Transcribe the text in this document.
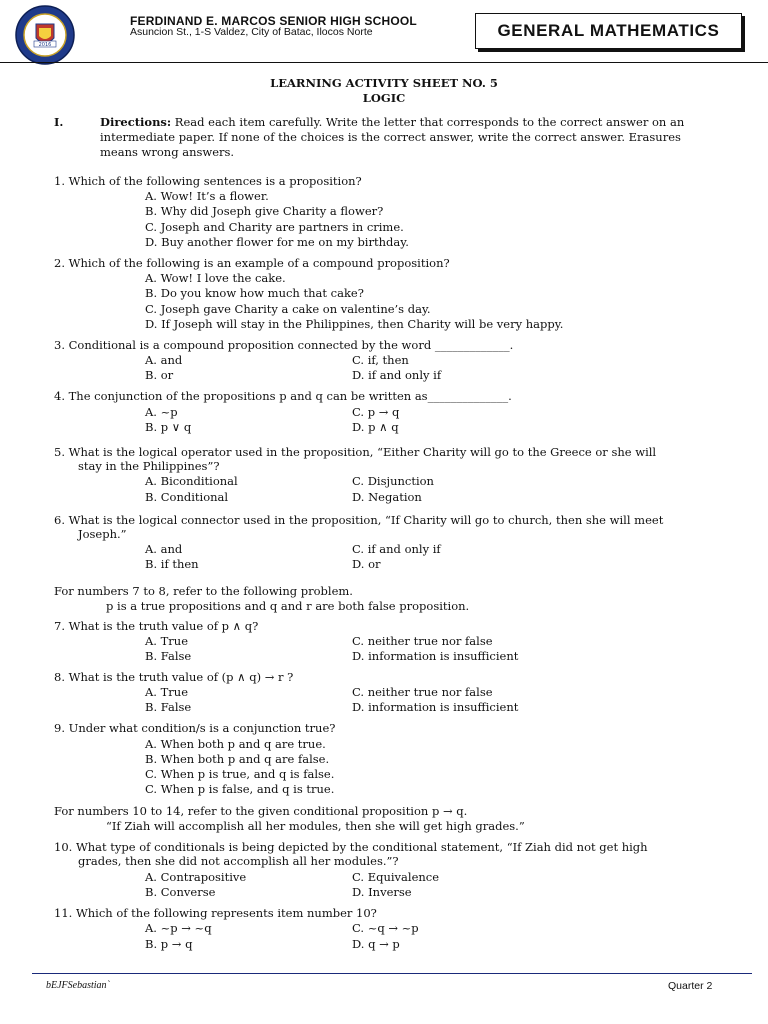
2016
FERDINAND E. MARCOS SENIOR HIGH SCHOOL
Asuncion St., 1-S Valdez, City of Batac, Ilocos Norte	GENERAL MATHEMATICS
LEARNING ACTIVITY SHEET NO. 5
LOGIC
I.	Directions: Read each item carefully. Write the letter that corresponds to the correct answer on an intermediate paper. If none of the choices is the correct answer, write the correct answer. Erasures means wrong answers.
1. Which of the following sentences is a proposition?
A. Wow! It’s a flower.
B. Why did Joseph give Charity a flower?
C. Joseph and Charity are partners in crime.
D. Buy another flower for me on my birthday.
2. Which of the following is an example of a compound proposition?
A. Wow! I love the cake.
B. Do you know how much that cake?
C. Joseph gave Charity a cake on valentine’s day.
D. If Joseph will stay in the Philippines, then Charity will be very happy.
3. Conditional is a compound proposition connected by the word _____________.
A. and	C. if, then
B. or	D. if and only if
4. The conjunction of the propositions p and q can be written as______________.
A. ~p	C. p → q
B. p ∨ q	D. p ∧ q
5. What is the logical operator used in the proposition, “Either Charity will go to the Greece or she will
stay in the Philippines”?
A. Biconditional	C. Disjunction
B. Conditional	D. Negation
6. What is the logical connector used in the proposition, “If Charity will go to church, then she will meet
Joseph.”
A. and	C. if and only if
B. if then	D. or
For numbers 7 to 8, refer to the following problem.
p is a true propositions and q and r are both false proposition.
7. What is the truth value of p ∧ q?
A. True	C. neither true nor false
B. False	D. information is insufficient
8. What is the truth value of (p ∧ q) → r ?
A. True	C. neither true nor false
B. False	D. information is insufficient
9. Under what condition/s is a conjunction true?
A. When both p and q are true.
B. When both p and q are false.
C. When p is true, and q is false.
C. When p is false, and q is true.
For numbers 10 to 14, refer to the given conditional proposition p → q.
“If Ziah will accomplish all her modules, then she will get high grades.”
10. What type of conditionals is being depicted by the conditional statement, “If Ziah did not get high
grades, then she did not accomplish all her modules.”?
A. Contrapositive	C. Equivalence
B. Converse	D. Inverse
11. Which of the following represents item number 10?
A. ~p → ~q	C. ~q → ~p
B. p → q	D. q → p
bEJFSebastian`	Quarter 2
